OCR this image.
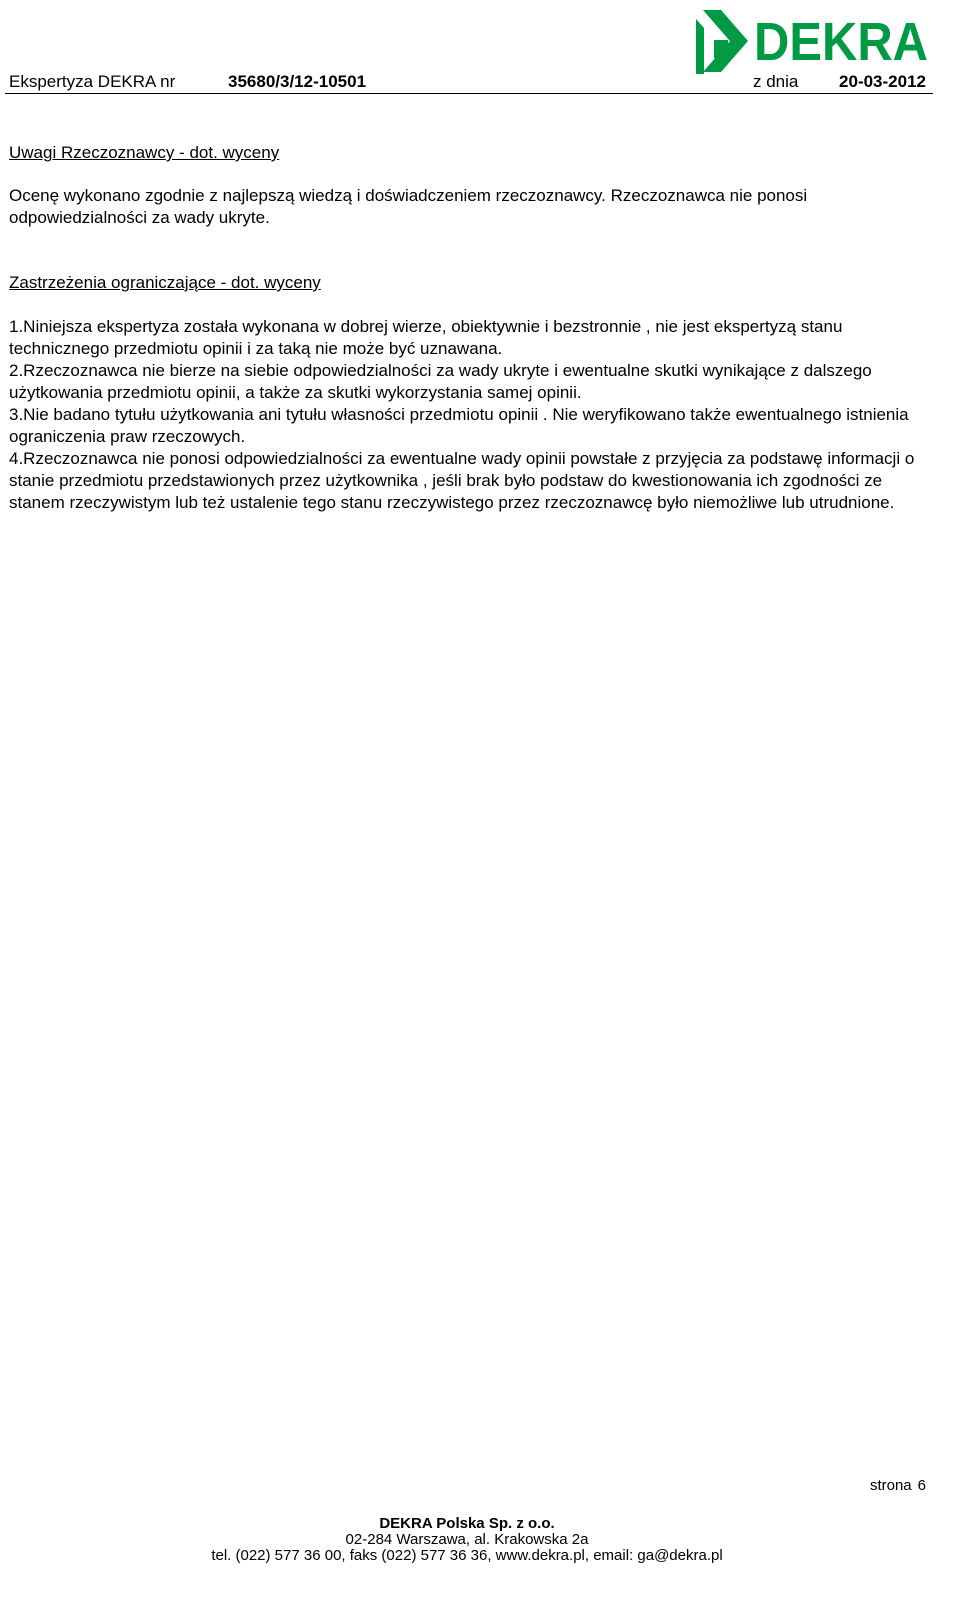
DEKRA
Ekspertyza DEKRA nr	35680/3/12-10501	z dnia 20-03-2012

Uwagi Rzeczoznawcy - dot. wyceny

Ocenę wykonano zgodnie z najlepszą wiedzą i doświadczeniem rzeczoznawcy. Rzeczoznawca nie ponosi odpowiedzialności za wady ukryte.

Zastrzeżenia ograniczające - dot. wyceny

1.Niniejsza ekspertyza została wykonana w dobrej wierze, obiektywnie i bezstronnie , nie jest ekspertyzą stanu technicznego przedmiotu opinii i za taką nie może być uznawana.

2.Rzeczoznawca nie bierze na siebie odpowiedzialności za wady ukryte i ewentualne skutki wynikające z dalszego użytkowania przedmiotu opinii, a także za skutki wykorzystania samej opinii.

3.Nie badano tytułu użytkowania ani tytułu własności przedmiotu opinii . Nie weryfikowano także ewentualnego istnienia ograniczenia praw rzeczowych.

4.Rzeczoznawca nie ponosi odpowiedzialności za ewentualne wady opinii powstałe z przyjęcia za podstawę informacji o stanie przedmiotu przedstawionych przez użytkownika , jeśli brak było podstaw do kwestionowania ich zgodności ze stanem rzeczywistym lub też ustalenie tego stanu rzeczywistego przez rzeczoznawcę było niemożliwe lub utrudnione.

strona 6
DEKRA Polska Sp. z o.o.
02-284 Warszawa, al. Krakowska 2a
tel. (022) 577 36 00, faks (022) 577 36 36, www.dekra.pl, email: ga@dekra.pl
